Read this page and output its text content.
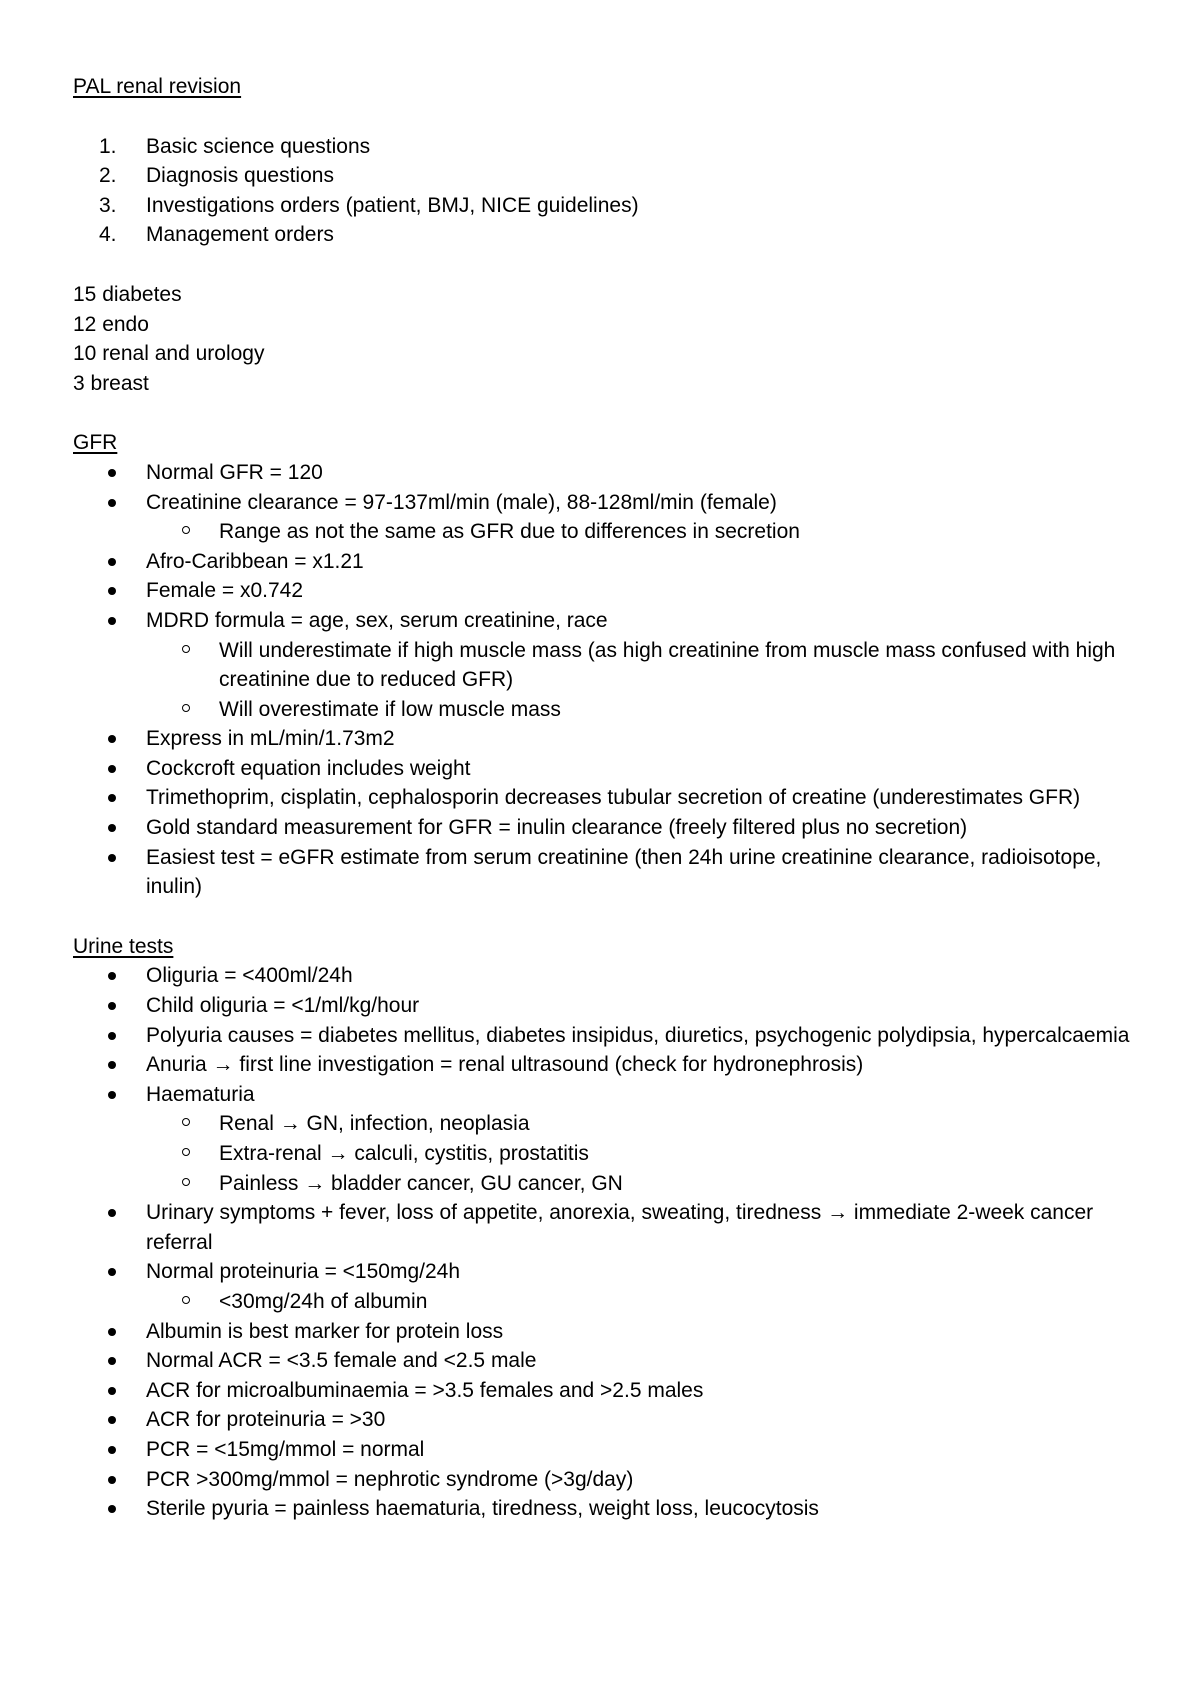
PAL renal revision
1. Basic science questions
2. Diagnosis questions
3. Investigations orders (patient, BMJ, NICE guidelines)
4. Management orders
15 diabetes
12 endo
10 renal and urology
3 breast
GFR
Normal GFR = 120
Creatinine clearance = 97-137ml/min (male), 88-128ml/min (female)
Range as not the same as GFR due to differences in secretion
Afro-Caribbean = x1.21
Female = x0.742
MDRD formula = age, sex, serum creatinine, race
Will underestimate if high muscle mass (as high creatinine from muscle mass confused with high creatinine due to reduced GFR)
Will overestimate if low muscle mass
Express in mL/min/1.73m2
Cockcroft equation includes weight
Trimethoprim, cisplatin, cephalosporin decreases tubular secretion of creatine (underestimates GFR)
Gold standard measurement for GFR = inulin clearance (freely filtered plus no secretion)
Easiest test = eGFR estimate from serum creatinine (then 24h urine creatinine clearance, radioisotope, inulin)
Urine tests
Oliguria = <400ml/24h
Child oliguria = <1/ml/kg/hour
Polyuria causes = diabetes mellitus, diabetes insipidus, diuretics, psychogenic polydipsia, hypercalcaemia
Anuria → first line investigation = renal ultrasound (check for hydronephrosis)
Haematuria
Renal → GN, infection, neoplasia
Extra-renal → calculi, cystitis, prostatitis
Painless → bladder cancer, GU cancer, GN
Urinary symptoms + fever, loss of appetite, anorexia, sweating, tiredness → immediate 2-week cancer referral
Normal proteinuria = <150mg/24h
<30mg/24h of albumin
Albumin is best marker for protein loss
Normal ACR = <3.5 female and <2.5 male
ACR for microalbuminaemia = >3.5 females and >2.5 males
ACR for proteinuria = >30
PCR = <15mg/mmol = normal
PCR >300mg/mmol = nephrotic syndrome (>3g/day)
Sterile pyuria = painless haematuria, tiredness, weight loss, leucocytosis
